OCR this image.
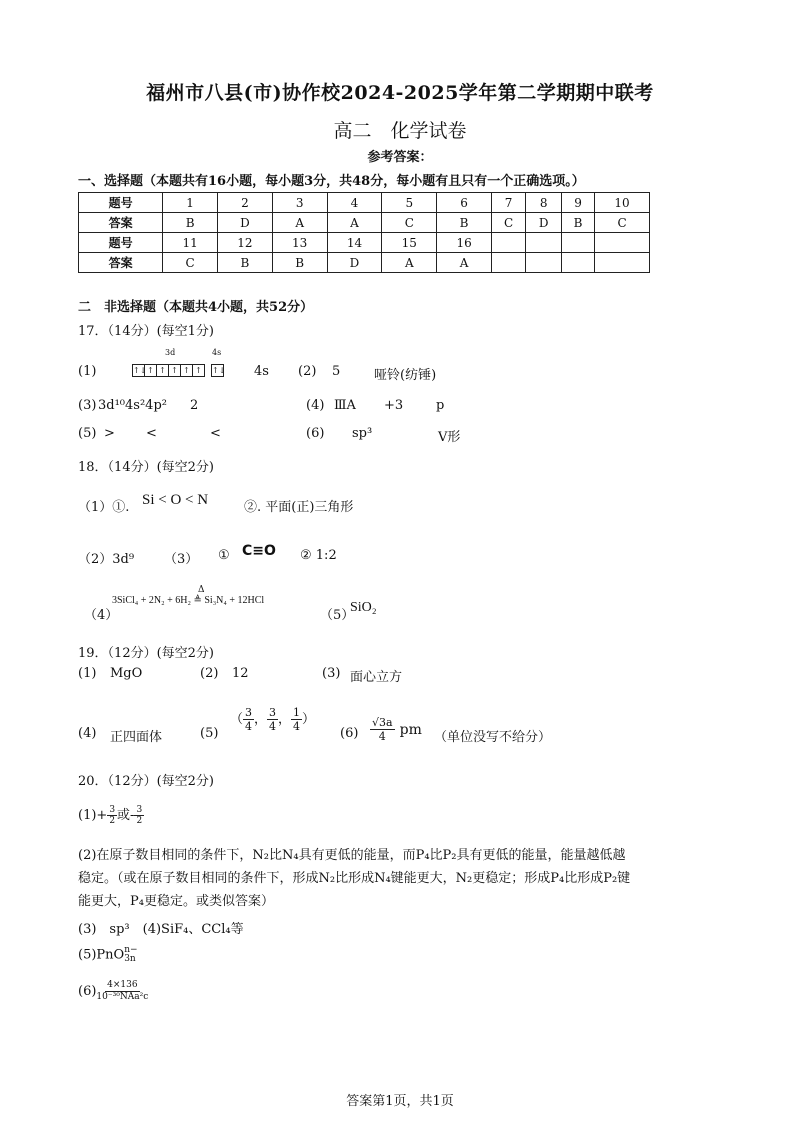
福州市八县(市)协作校2024-2025学年第二学期期中联考
高二　化学试卷
参考答案：
一、选择题（本题共有16小题，每小题3分，共48分，每小题有且只有一个正确选项。）
题号	1	2	3	4	5	6	7	8	9	10
答案	B	D	A	A	C	B	C	D	B	C
题号	11	12	13	14	15	16				
答案	C	B	B	D	A	A				
二　非选择题（本题共4小题，共52分）
17．（14分）(每空1分)
(1)
3d	4s
↑↓↑ ↑ ↑ ↑ ↑ ↑↓ 4s (2) 5	哑铃(纺锤)
(3) 3d¹⁰4s²4p² 2	(4) ⅢA +3	p
(5) > <	<	(6) sp³	V形
18．（14分）(每空2分)
（1）①. Si < O < N	②. 平面(正)三角形
（2）3d⁹ （3） ① C≡O ② 1:2
（4）
Δ
3SiCl₄ + 2N₂ + 6H₂ ≜ Si₃N₄ + 12HCl
（5）
SiO₂
19．（12分）(每空2分)
(1) MgO	(2) 12	(3) 面心立方
(4) 正四面体	(5)
（ $\frac{3}{4}$ ， $\frac{3}{4}$ ， $\frac{1}{4}$ ）
$(6) \frac{√3a}{4}$ pm （单位没写不给分）
20．（12分）(每空2分)
$(1)+ \frac{3}{2}$ 或- $\frac{3}{2}$
(2)在原子数目相同的条件下，N₂比N₄具有更低的能量，而P₄比P₂具有更低的能量，能量越低越稳定。（或在原子数目相同的条件下，形成N₂比形成N₄键能更大，N₂更稳定；形成P₄比形成P₂键能更大，P₄更稳定。或类似答案）
(3)　sp³　(4)SiF₄、CCl₄等
(5)PnO n−
3n
$(6) \frac{4\times 136}{\text{10⁻³⁰NAa²c}}$
答案第1页，共1页
